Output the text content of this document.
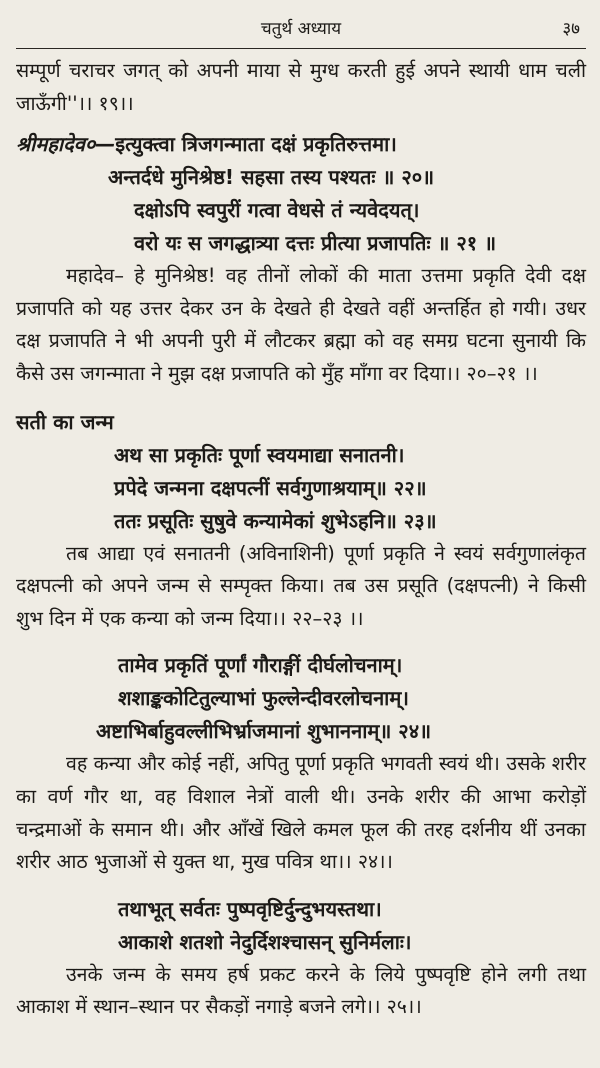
चतुर्थ अध्याय	३७

सम्पूर्ण चराचर जगत् को अपनी माया से मुग्ध करती हुई अपने स्थायी धाम चली जाऊँगी''।। १९।।

श्रीमहादेव०—इत्युक्त्वा त्रिजगन्माता दक्षं प्रकृतिरुत्तमा।
अन्तर्दधे मुनिश्रेष्ठ! सहसा तस्य पश्यतः ॥ २०॥
दक्षोऽपि स्वपुरीं गत्वा वेधसे तं न्यवेदयत्।
वरो यः स जगद्धात्र्या दत्तः प्रीत्या प्रजापतिः ॥ २१ ॥

महादेव– हे मुनिश्रेष्ठ! वह तीनों लोकों की माता उत्तमा प्रकृति देवी दक्ष प्रजापति को यह उत्तर देकर उन के देखते ही देखते वहीं अन्तर्हित हो गयी। उधर दक्ष प्रजापति ने भी अपनी पुरी में लौटकर ब्रह्मा को वह समग्र घटना सुनायी कि कैसे उस जगन्माता ने मुझ दक्ष प्रजापति को मुँह माँगा वर दिया।। २०–२१ ।।

सती का जन्म

अथ सा प्रकृतिः पूर्णा स्वयमाद्या सनातनी।
प्रपेदे जन्मना दक्षपत्नीं सर्वगुणाश्रयाम्॥ २२॥
ततः प्रसूतिः सुषुवे कन्यामेकां शुभेऽहनि॥ २३॥

तब आद्या एवं सनातनी (अविनाशिनी) पूर्णा प्रकृति ने स्वयं सर्वगुणालंकृत दक्षपत्नी को अपने जन्म से सम्पृक्त किया। तब उस प्रसूति (दक्षपत्नी) ने किसी शुभ दिन में एक कन्या को जन्म दिया।। २२–२३ ।।

तामेव प्रकृतिं पूर्णां गौराङ्गीं दीर्घलोचनाम्।
शशाङ्ककोटितुल्याभां फुल्लेन्दीवरलोचनाम्।
अष्टाभिर्बाहुवल्लीभिर्भ्राजमानां शुभाननाम्॥ २४॥

वह कन्या और कोई नहीं, अपितु पूर्णा प्रकृति भगवती स्वयं थी। उसके शरीर का वर्ण गौर था, वह विशाल नेत्रों वाली थी। उनके शरीर की आभा करोड़ों चन्द्रमाओं के समान थी। और आँखें खिले कमल फूल की तरह दर्शनीय थीं उनका शरीर आठ भुजाओं से युक्त था, मुख पवित्र था।। २४।।

तथाभूत् सर्वतः पुष्पवृष्टिर्दुन्दुभयस्तथा।
आकाशे शतशो नेदुर्दिशश्चासन् सुनिर्मलाः।

उनके जन्म के समय हर्ष प्रकट करने के लिये पुष्पवृष्टि होने लगी तथा आकाश में स्थान–स्थान पर सैकड़ों नगाड़े बजने लगे।। २५।।
